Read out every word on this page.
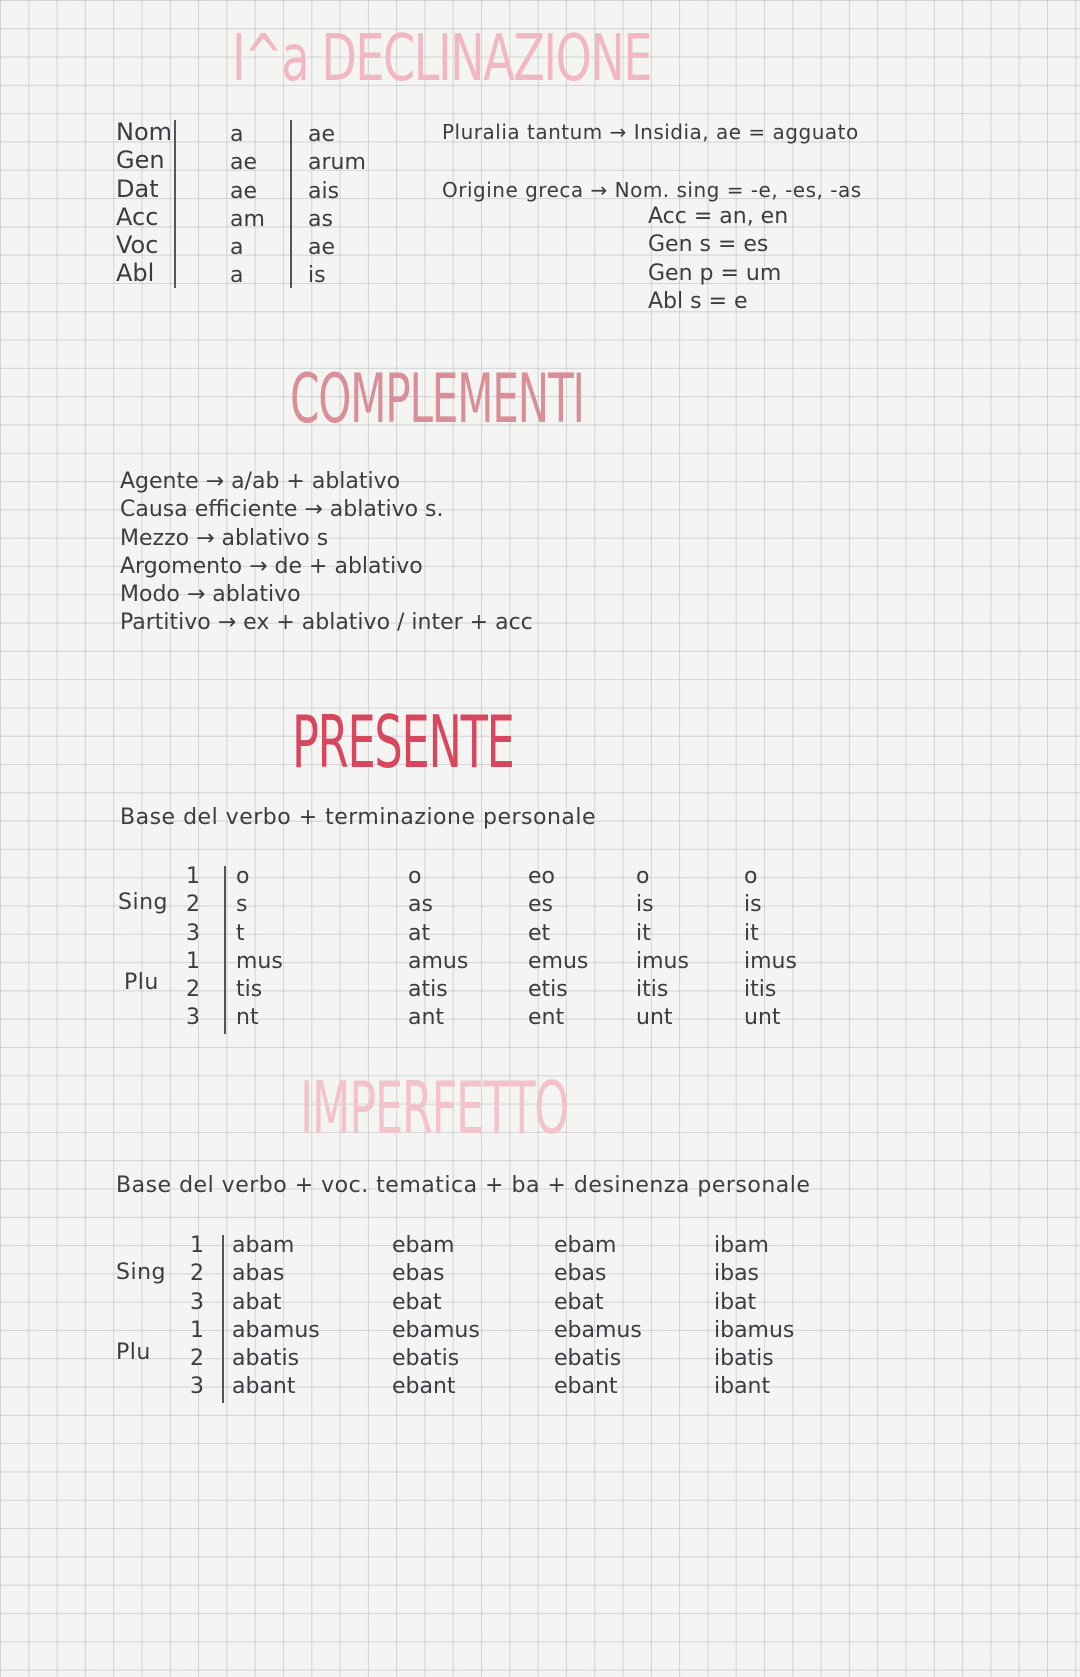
I^a DECLINAZIONE
Nom
Gen
Dat
Acc
Voc
Abl
a
ae
ae
am
a
a
ae
arum
ais
as
ae
is
Pluralia tantum → Insidia, ae = agguato
Origine greca → Nom. sing = -e, -es, -as
Acc = an, en
Gen s = es
Gen p = um
Abl s = e
COMPLEMENTI
Agente → a/ab + ablativo
Causa efficiente → ablativo s.
Mezzo → ablativo s
Argomento → de + ablativo
Modo → ablativo
Partitivo → ex + ablativo / inter + acc
PRESENTE
Base del verbo + terminazione personale
Sing
Plu
1
2
3
1
2
3
o
s
t
mus
tis
nt
o
as
at
amus
atis
ant
eo
es
et
emus
etis
ent
o
is
it
imus
itis
unt
o
is
it
imus
itis
unt
IMPERFETTO
Base del verbo + voc. tematica + ba + desinenza personale
Sing
Plu
1
2
3
1
2
3
abam
abas
abat
abamus
abatis
abant
ebam
ebas
ebat
ebamus
ebatis
ebant
ebam
ebas
ebat
ebamus
ebatis
ebant
ibam
ibas
ibat
ibamus
ibatis
ibant
